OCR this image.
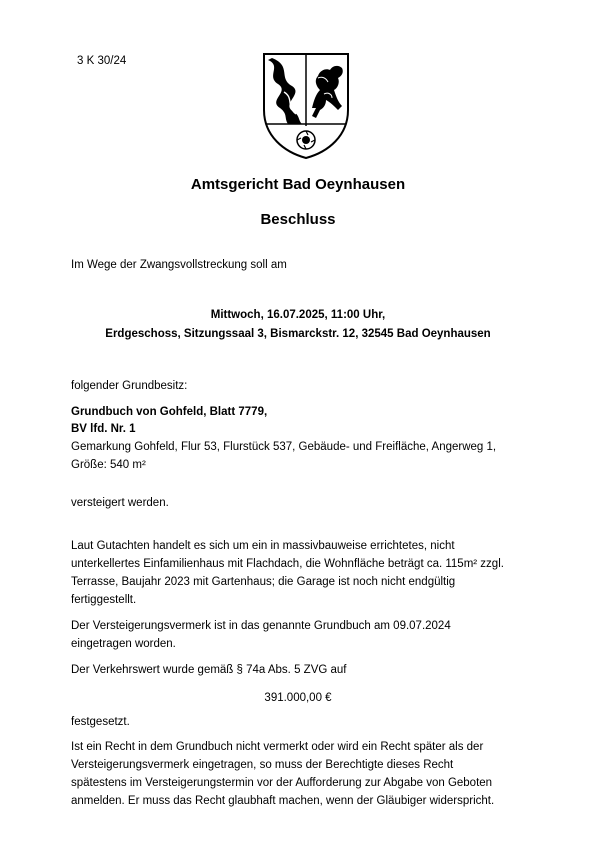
3 K 30/24
Amtsgericht Bad Oeynhausen
Beschluss
Im Wege der Zwangsvollstreckung soll am
Mittwoch, 16.07.2025, 11:00 Uhr,
Erdgeschoss, Sitzungssaal 3, Bismarckstr. 12, 32545 Bad Oeynhausen
folgender Grundbesitz:
Grundbuch von Gohfeld, Blatt 7779,
BV lfd. Nr. 1
Gemarkung Gohfeld, Flur 53, Flurstück 537, Gebäude- und Freifläche, Angerweg 1,
Größe: 540 m²
versteigert werden.
Laut Gutachten handelt es sich um ein in massivbauweise errichtetes, nicht
unterkellertes Einfamilienhaus mit Flachdach, die Wohnfläche beträgt ca. 115m² zzgl.
Terrasse, Baujahr 2023 mit Gartenhaus; die Garage ist noch nicht endgültig
fertiggestellt.
Der Versteigerungsvermerk ist in das genannte Grundbuch am 09.07.2024
eingetragen worden.
Der Verkehrswert wurde gemäß § 74a Abs. 5 ZVG auf
391.000,00 €
festgesetzt.
Ist ein Recht in dem Grundbuch nicht vermerkt oder wird ein Recht später als der
Versteigerungsvermerk eingetragen, so muss der Berechtigte dieses Recht
spätestens im Versteigerungstermin vor der Aufforderung zur Abgabe von Geboten
anmelden. Er muss das Recht glaubhaft machen, wenn der Gläubiger widerspricht.
